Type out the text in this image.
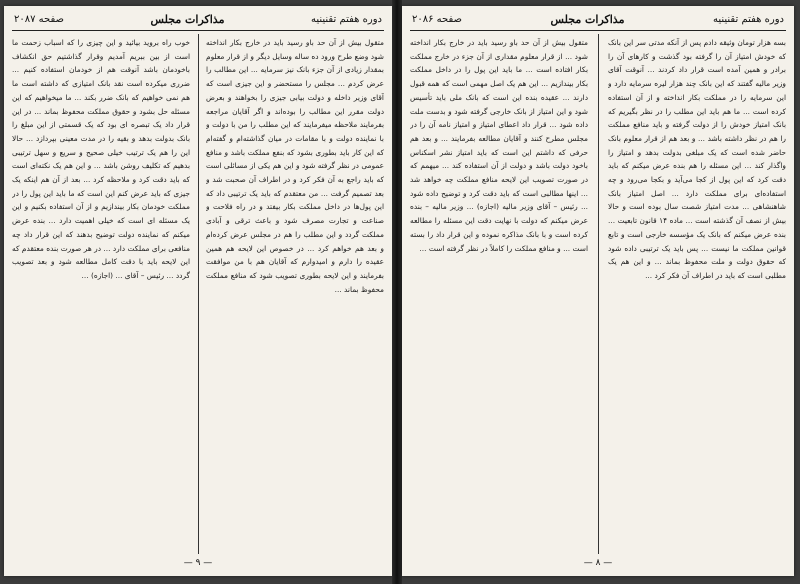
دوره هفتم تقنینیه
مذاکرات مجلس
صفحه ۲۰۸۷
متقول بیش از آن حد باو رسید باید در خارج بکار انداخته شود وضع طرح ورود ده ساله وسایل دیگر و از قرار معلوم بمقدار زیادی از آن جزء بانک نیز سرمایه ... این مطالب را عرض کردم ... مجلس را مستحضر و این جیزی است که آقای وزیر داخله و دولت بیابی جیزی را بخواهند و بعرض دولت مقرر این مطالب را بوده‌اند و اگر آقایان مراجعه بفرمایند ملاحظه میفرمایند که این مطلب را من با دولت و با نماینده دولت و با مقامات در میان گذاشته‌ام و گفته‌ام که این کار باید بطوری بشود که بنفع مملکت باشد و منافع عمومی در نظر گرفته شود و این هم یکی از مسائلی است که باید راجع به آن فکر کرد و در اطراف آن صحبت شد و بعد تصمیم گرفت ... من معتقدم که باید یک ترتیبی داد که این پول‌ها در داخل مملکت بکار بیفتد و در راه فلاحت و صناعت و تجارت مصرف شود و باعث ترقی و آبادی مملکت گردد و این مطلب را هم در مجلس عرض کرده‌ام و بعد هم خواهم کرد ... در خصوص این لایحه هم همین عقیده را دارم و امیدوارم که آقایان هم با من موافقت بفرمایند و این لایحه بطوری تصویب شود که منافع مملکت محفوظ بماند ...
خوب راه بروید بیائید و این چیزی را که اسباب زحمت ما است از بین ببریم آمدیم وقرار گذاشتیم حق انکشاف باخودمان باشد آنوقت هم از خودمان استفاده کنیم ... ضرری میکرده است نقد بانک امتیازی که داشته است ما هم نمی خواهیم که بانک ضرر بکند ... ما میخواهیم که این مسئله حل بشود و حقوق مملکت محفوظ بماند ... در این قرار داد یک تبصره ای بود که یک قسمتی از این مبلغ را بانک بدولت بدهد و بقیه را در مدت معینی بپردازد ... حالا این را هم یک ترتیب خیلی صحیح و سریع و سهل ترتیبی بدهیم که تکلیف روشن باشد ... و این هم یک نکته‌ای است که باید دقت کرد و ملاحظه کرد ... بعد از آن هم اینکه یک جیزی که باید عرض کنم این است که ما باید این پول را در مملکت خودمان بکار بیندازیم و از آن استفاده بکنیم و این یک مسئله ای است که خیلی اهمیت دارد ... بنده عرض میکنم که نماینده دولت توضیح بدهند که این قرار داد چه منافعی برای مملکت دارد ... در هر صورت بنده معتقدم که این لایحه باید با دقت کامل مطالعه شود و بعد تصویب گردد ... رئیس – آقای ... (اجازه) ...
— ۹ —
دوره هفتم تقنینیه
مذاکرات مجلس
صفحه ۲۰۸۶
بسه هزار تومان وثیقه دادم پس از آنکه مدتی سر این بانک که خودش امتیاز آن را گرفته بود گذشت و کارهای آن را برادر و همین آمده است قرار داد کردند ... آنوقت آقای وزیر مالیه گفتند که این بانک چند هزار لیره سرمایه دارد و این سرمایه را در مملکت بکار انداخته و از آن استفاده کرده است ... ما هم باید این مطلب را در نظر بگیریم که بانک امتیاز خودش را از دولت گرفته و باید منافع مملکت را هم در نظر داشته باشد ... و بعد هم از قرار معلوم بانک حاضر شده است که یک مبلغی بدولت بدهد و امتیاز را واگذار کند ... این مسئله را هم بنده عرض میکنم که باید دقت کرد که این پول از کجا می‌آید و بکجا می‌رود و چه استفاده‌ای برای مملکت دارد ... اصل امتیاز بانک شاهنشاهی ... مدت امتیاز شصت سال بوده است و حالا بیش از نصف آن گذشته است ... ماده ۱۴ قانون تابعیت ... بنده عرض میکنم که بانک یک مؤسسه خارجی است و تابع قوانین مملکت ما نیست ... پس باید یک ترتیبی داده شود که حقوق دولت و ملت محفوظ بماند ... و این هم یک مطلبی است که باید در اطراف آن فکر کرد ...
متقول بیش از آن حد باو رسید باید در خارج بکار انداخته شود ... از قرار معلوم مقداری از آن جزء در خارج مملکت بکار افتاده است ... ما باید این پول را در داخل مملکت بکار بیندازیم ... این هم یک اصل مهمی است که همه قبول دارند ... عقیده بنده این است که بانک ملی باید تأسیس شود و این امتیاز از بانک خارجی گرفته شود و بدست ملت داده شود ... قرار داد اعطای امتیاز و امتیاز نامه آن را در مجلس مطرح کنند و آقایان مطالعه بفرمایند ... و بعد هم حرفی که داشتم این است که باید امتیاز نشر اسکناس باخود دولت باشد و دولت از آن استفاده کند ... میهمم که در صورت تصویب این لایحه منافع مملکت چه خواهد شد ... اینها مطالبی است که باید دقت کرد و توضیح داده شود ... رئیس – آقای وزیر مالیه (اجازه) ... وزیر مالیه – بنده عرض میکنم که دولت با نهایت دقت این مسئله را مطالعه کرده است و با بانک مذاکره نموده و این قرار داد را بسته است ... و منافع مملکت را کاملاً در نظر گرفته است ...
— ۸ —
